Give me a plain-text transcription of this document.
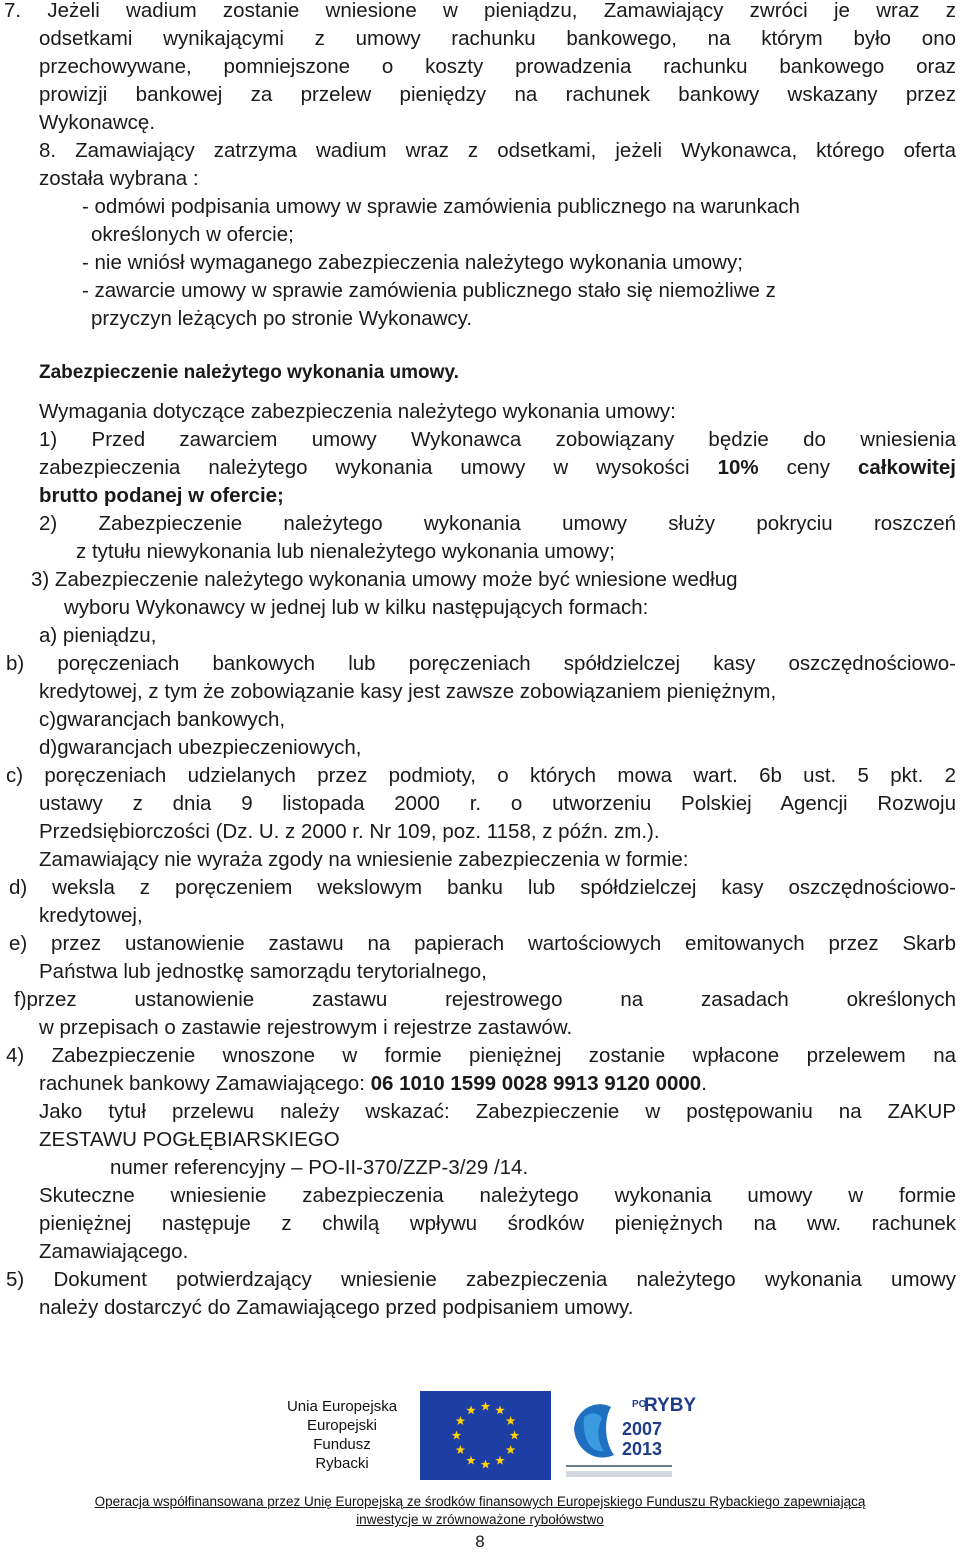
7. Jeżeli wadium zostanie wniesione w pieniądzu, Zamawiający zwróci je wraz z
odsetkami wynikającymi z umowy rachunku bankowego, na którym było ono
przechowywane, pomniejszone o koszty prowadzenia rachunku bankowego oraz
prowizji bankowej za przelew pieniędzy na rachunek bankowy wskazany przez
Wykonawcę.
8. Zamawiający zatrzyma wadium wraz z odsetkami, jeżeli Wykonawca, którego oferta
została wybrana :
- odmówi podpisania umowy w sprawie zamówienia publicznego na warunkach
określonych w ofercie;
- nie wniósł wymaganego zabezpieczenia należytego wykonania umowy;
- zawarcie umowy w sprawie zamówienia publicznego stało się niemożliwe z
przyczyn leżących po stronie Wykonawcy.
Zabezpieczenie należytego wykonania umowy.
Wymagania dotyczące zabezpieczenia należytego wykonania umowy:
1) Przed zawarciem umowy Wykonawca zobowiązany będzie do wniesienia
zabezpieczenia należytego wykonania umowy w wysokości 10% ceny całkowitej
brutto podanej w ofercie;
2) Zabezpieczenie należytego wykonania umowy służy pokryciu roszczeń
z tytułu niewykonania lub nienależytego wykonania umowy;
3) Zabezpieczenie należytego wykonania umowy może być wniesione według
wyboru Wykonawcy w jednej lub w kilku następujących formach:
a) pieniądzu,
b) poręczeniach bankowych lub poręczeniach spółdzielczej kasy oszczędnościowo-
kredytowej, z tym że zobowiązanie kasy jest zawsze zobowiązaniem pieniężnym,
c)gwarancjach bankowych,
d)gwarancjach ubezpieczeniowych,
c) poręczeniach udzielanych przez podmioty, o których mowa wart. 6b ust. 5 pkt. 2
ustawy z dnia 9 listopada 2000 r. o utworzeniu Polskiej Agencji Rozwoju
Przedsiębiorczości (Dz. U. z 2000 r. Nr 109, poz. 1158, z późn. zm.).
Zamawiający nie wyraża zgody na wniesienie zabezpieczenia w formie:
d) weksla z poręczeniem wekslowym banku lub spółdzielczej kasy oszczędnościowo-
kredytowej,
e) przez ustanowienie zastawu na papierach wartościowych emitowanych przez Skarb
Państwa lub jednostkę samorządu terytorialnego,
f)przez ustanowienie zastawu rejestrowego na zasadach określonych
w przepisach o zastawie rejestrowym i rejestrze zastawów.
4) Zabezpieczenie wnoszone w formie pieniężnej zostanie wpłacone przelewem na
rachunek bankowy Zamawiającego: 06 1010 1599 0028 9913 9120 0000.
Jako tytuł przelewu należy wskazać: Zabezpieczenie w postępowaniu na ZAKUP
ZESTAWU POGŁĘBIARSKIEGO
numer referencyjny – PO-II-370/ZZP-3/29 /14.
Skuteczne wniesienie zabezpieczenia należytego wykonania umowy w formie
pieniężnej następuje z chwilą wpływu środków pieniężnych na ww. rachunek
Zamawiającego.
5) Dokument potwierdzający wniesienie zabezpieczenia należytego wykonania umowy
należy dostarczyć do Zamawiającego przed podpisaniem umowy.
Unia Europejska
Europejski
Fundusz
Rybacki
PO
RYBY
2007
2013
Operacja współfinansowana przez Unię Europejską ze środków finansowych Europejskiego Funduszu Rybackiego zapewniającą
inwestycje w zrównoważone rybołówstwo
8
